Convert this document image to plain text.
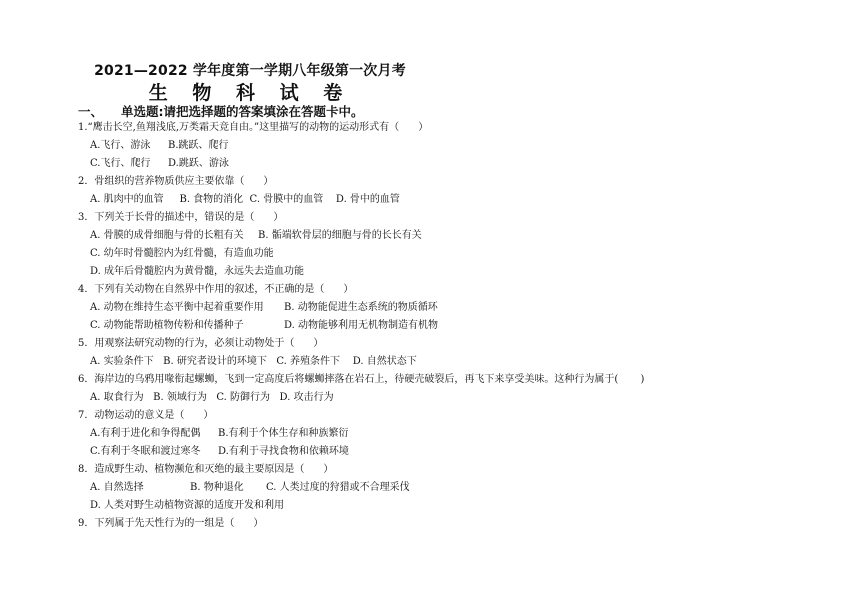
2021—2022 学年度第一学期八年级第一次月考
生 物 科 试 卷
一、 单选题:请把选择题的答案填涂在答题卡中。
1.“鹰击长空,鱼翔浅底,万类霜天竞自由。”这里描写的动物的运动形式有（      ）
A.飞行、游泳 B.跳跃、爬行
C.飞行、爬行 D.跳跃、游泳
2．骨组织的营养物质供应主要依靠（      ）
A. 肌肉中的血管     B. 食物的消化  C. 骨膜中的血管    D. 骨中的血管
3．下列关于长骨的描述中，错误的是（      ）
A. 骨膜的成骨细胞与骨的长粗有关 B. 骺端软骨层的细胞与骨的长长有关
C. 幼年时骨髓腔内为红骨髓，有造血功能
D. 成年后骨髓腔内为黄骨髓，永远失去造血功能
4．下列有关动物在自然界中作用的叙述，不正确的是（      ）
A. 动物在维持生态平衡中起着重要作用 B. 动物能促进生态系统的物质循环
C. 动物能帮助植物传粉和传播种子	D. 动物能够利用无机物制造有机物
5．用观察法研究动物的行为，必须让动物处于（      ）
A. 实验条件下   B. 研究者设计的环境下   C. 养殖条件下    D. 自然状态下
6．海岸边的乌鸦用喙衔起螺蛳，飞到一定高度后将螺蛳摔落在岩石上，待硬壳破裂后，再飞下来享受美味。这种行为属于(       )
A. 取食行为   B. 领域行为   C. 防御行为   D. 攻击行为
7．动物运动的意义是（      ）
A.有利于进化和争得配偶 B.有利于个体生存和种族繁衍
C.有利于冬眠和渡过寒冬 D.有利于寻找食物和依赖环境
8．造成野生动、植物濒危和灭绝的最主要原因是（      ）
A. 自然选择	B. 物种退化 C. 人类过度的狩猎或不合理采伐
D. 人类对野生动植物资源的适度开发和利用
9．下列属于先天性行为的一组是（      ）
